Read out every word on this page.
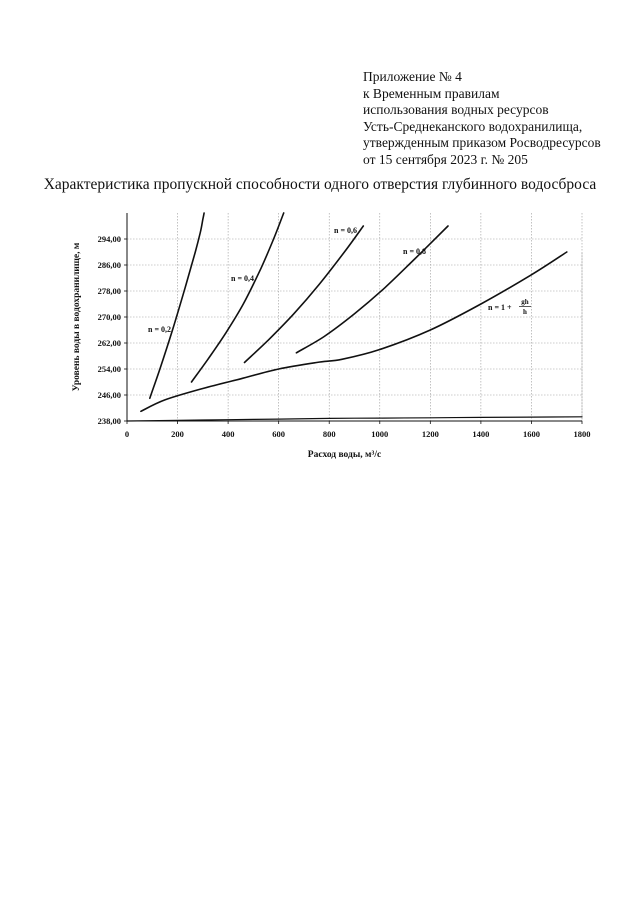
Приложение № 4
к Временным правилам
использования водных ресурсов
Усть-Среднеканского водохранилища,
утвержденным приказом Росводресурсов
от 15 сентября 2023 г. № 205
Характеристика пропускной способности одного отверстия глубинного водосброса
0	200	400	600	800	1000	1200	1400	1600	1800
238,00
246,00
254,00
262,00
270,00
278,00
286,00
294,00
Расход воды, м³/с
Уровень воды в водохранилище, м	n = 0,2
n = 0,4
n = 0,6
n = 0,8
n = 1 +
gh
h
